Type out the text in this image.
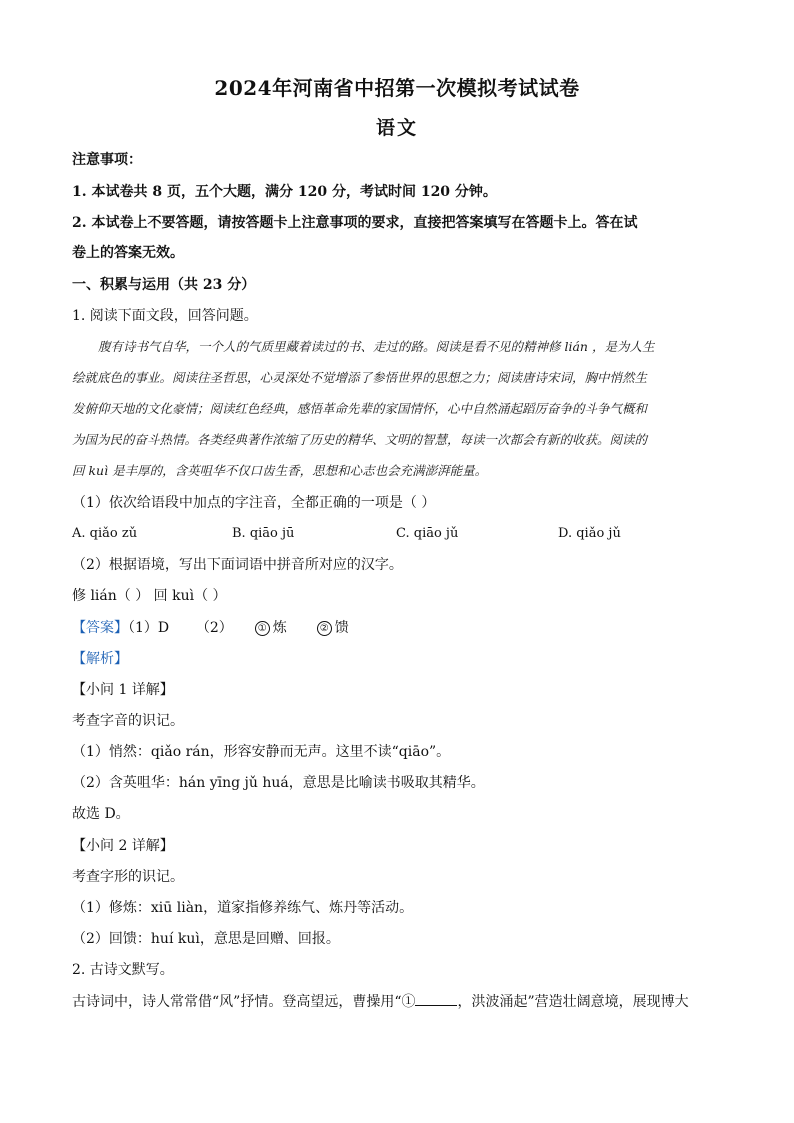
2024年河南省中招第一次模拟考试试卷
语文
注意事项：
1. 本试卷共 8 页，五个大题，满分 120 分，考试时间 120 分钟。
2. 本试卷上不要答题，请按答题卡上注意事项的要求，直接把答案填写在答题卡上。答在试
卷上的答案无效。
一、积累与运用（共 23 分）
1. 阅读下面文段，回答问题。
腹有诗书气自华，一个人的气质里藏着读过的书、走过的路。阅读是看不见的精神修 lián ，是为人生
绘就底色的事业。阅读往圣哲思，心灵深处不觉增添了参悟世界的思想之力；阅读唐诗宋词，胸中悄然生
发俯仰天地的文化豪情；阅读红色经典，感悟革命先辈的家国情怀，心中自然涌起蹈厉奋争的斗争气概和
为国为民的奋斗热情。各类经典著作浓缩了历史的精华、文明的智慧，每读一次都会有新的收获。阅读的
回 kuì 是丰厚的，含英咀华不仅口齿生香，思想和心志也会充满澎湃能量。
（1）依次给语段中加点的字注音，全都正确的一项是（ ）
A. qiǎo zǔ	B. qiāo jū	C. qiāo jǔ	D. qiǎo jǔ
（2）根据语境，写出下面词语中拼音所对应的汉字。
修 lián（ ） 回 kuì（ ）
【答案】（1）D      （2）	① 炼	② 馈
【解析】
【小问 1 详解】
考查字音的识记。
（1）悄然：qiǎo rán，形容安静而无声。这里不读“qiāo”。
（2）含英咀华：hán yīng jǔ huá，意思是比喻读书吸取其精华。
故选 D。
【小问 2 详解】
考查字形的识记。
（1）修炼：xiū liàn，道家指修养练气、炼丹等活动。
（2）回馈：huí kuì，意思是回赠、回报。
2. 古诗文默写。
古诗词中，诗人常常借“风”抒情。登高望远，曹操用“①	，洪波涌起”营造壮阔意境，展现博大
